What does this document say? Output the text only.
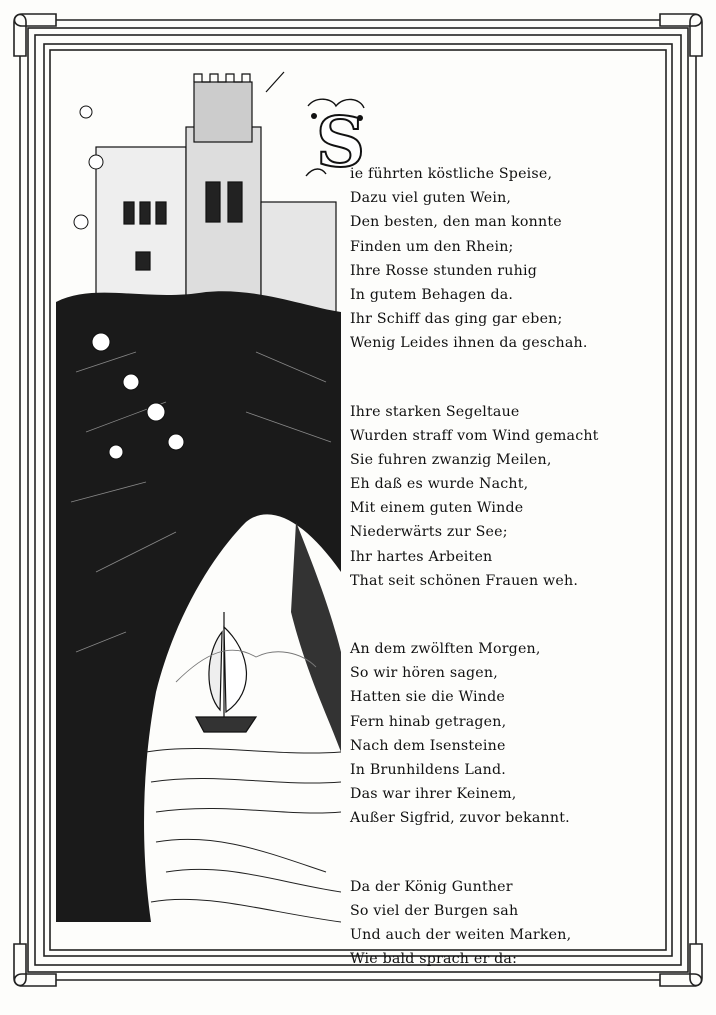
S
ie führten köstliche Speise,
Dazu viel guten Wein,
Den besten, den man konnte
Finden um den Rhein;
Ihre Rosse stunden ruhig
In gutem Behagen da.
Ihr Schiff das ging gar eben;
Wenig Leides ihnen da geschah.
Ihre starken Segeltaue
Wurden straff vom Wind gemacht
Sie fuhren zwanzig Meilen,
Eh daß es wurde Nacht,
Mit einem guten Winde
Niederwärts zur See;
Ihr hartes Arbeiten
That seit schönen Frauen weh.
An dem zwölften Morgen,
So wir hören sagen,
Hatten sie die Winde
Fern hinab getragen,
Nach dem Isensteine
In Brunhildens Land.
Das war ihrer Keinem,
Außer Sigfrid, zuvor bekannt.
Da der König Gunther
So viel der Burgen sah
Und auch der weiten Marken,
Wie bald sprach er da:
